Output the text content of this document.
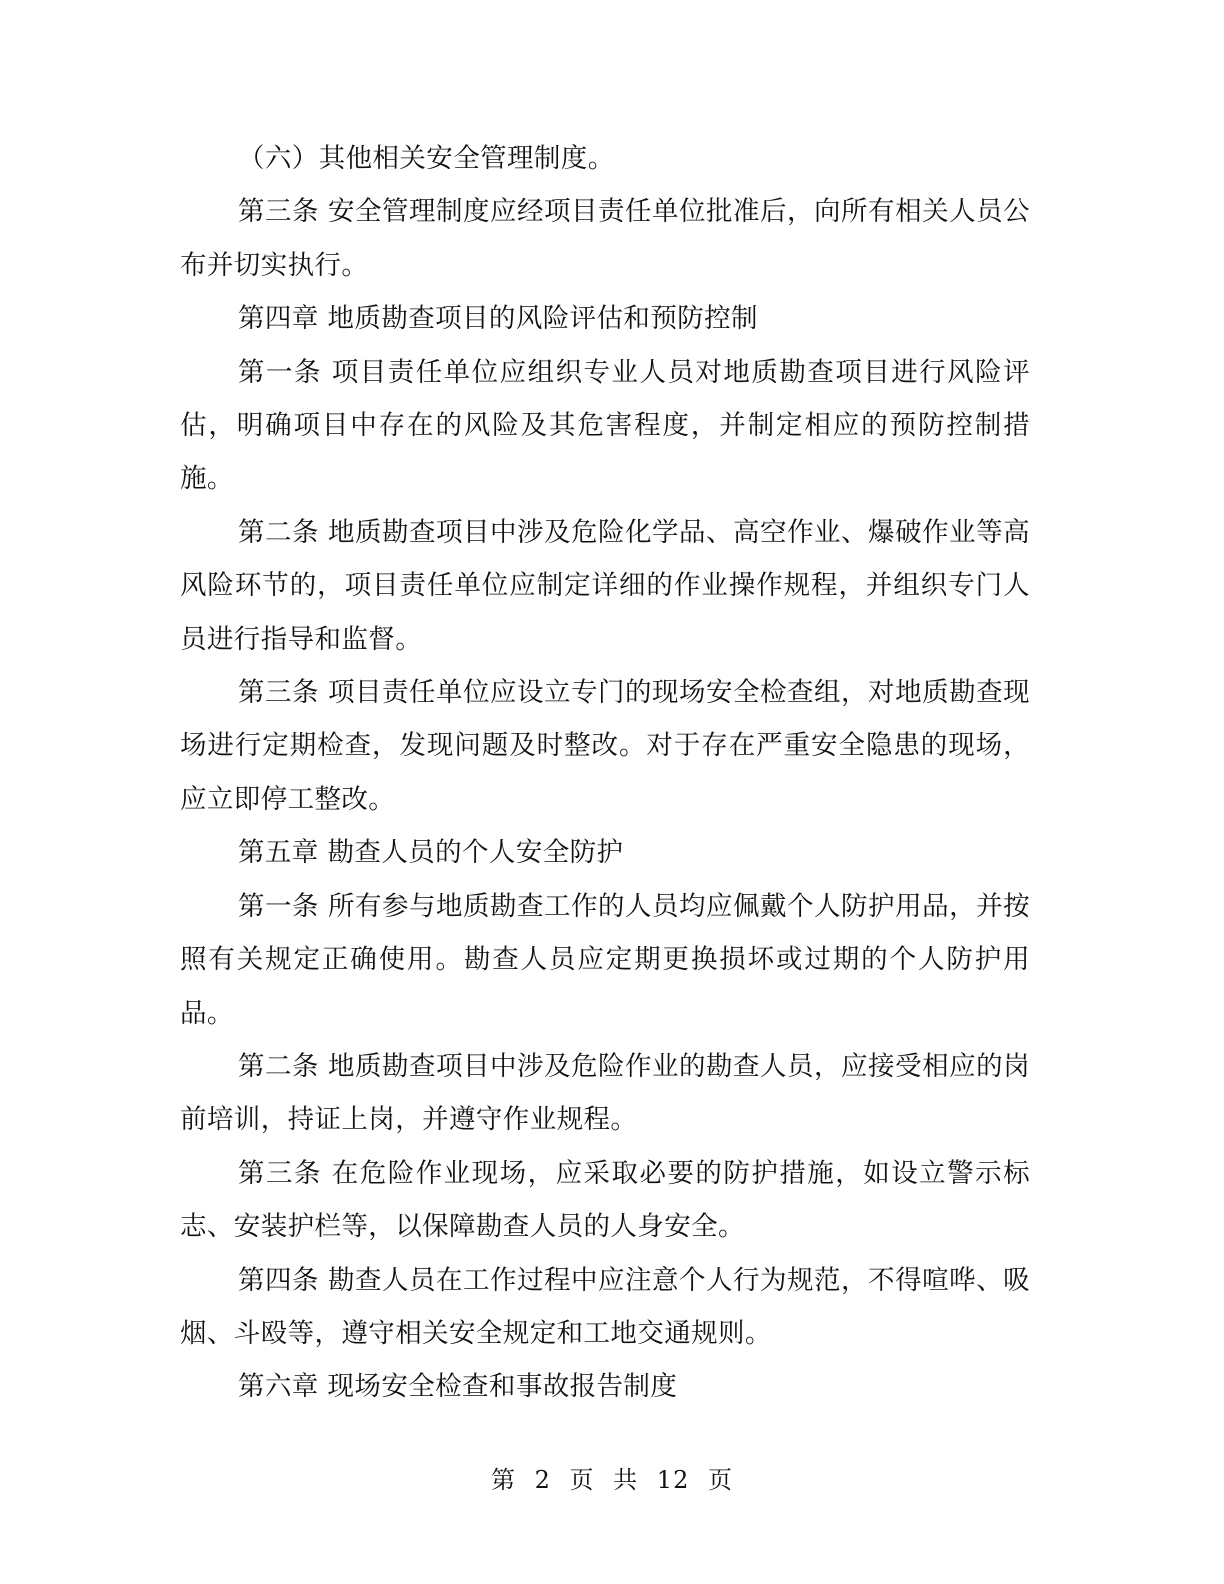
（六）其他相关安全管理制度。

第三条 安全管理制度应经项目责任单位批准后，向所有相关人员公布并切实执行。

第四章 地质勘查项目的风险评估和预防控制

第一条 项目责任单位应组织专业人员对地质勘查项目进行风险评估，明确项目中存在的风险及其危害程度，并制定相应的预防控制措施。

第二条 地质勘查项目中涉及危险化学品、高空作业、爆破作业等高风险环节的，项目责任单位应制定详细的作业操作规程，并组织专门人员进行指导和监督。

第三条 项目责任单位应设立专门的现场安全检查组，对地质勘查现场进行定期检查，发现问题及时整改。对于存在严重安全隐患的现场，应立即停工整改。

第五章 勘查人员的个人安全防护

第一条 所有参与地质勘查工作的人员均应佩戴个人防护用品，并按照有关规定正确使用。勘查人员应定期更换损坏或过期的个人防护用品。

第二条 地质勘查项目中涉及危险作业的勘查人员，应接受相应的岗前培训，持证上岗，并遵守作业规程。

第三条 在危险作业现场，应采取必要的防护措施，如设立警示标志、安装护栏等，以保障勘查人员的人身安全。

第四条 勘查人员在工作过程中应注意个人行为规范，不得喧哗、吸烟、斗殴等，遵守相关安全规定和工地交通规则。

第六章 现场安全检查和事故报告制度

第 2 页 共 12 页
